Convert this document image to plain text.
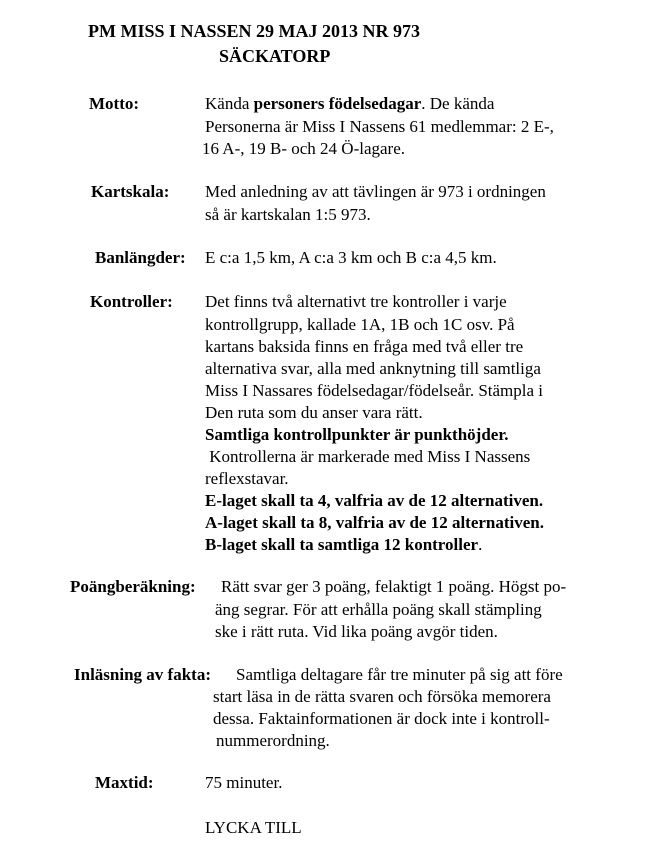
PM MISS I NASSEN 29 MAJ 2013 NR 973
SÄCKATORP
Motto:	Kända personers födelsedagar. De kända
Personerna är Miss I Nassens 61 medlemmar: 2 E-,
16 A-, 19 B- och 24 Ö-lagare.
Kartskala: Med anledning av att tävlingen är 973 i ordningen
så är kartskalan 1:5 973.
Banlängder: E c:a 1,5 km, A c:a 3 km och B c:a 4,5 km.
Kontroller: Det finns två alternativt tre kontroller i varje
kontrollgrupp, kallade 1A, 1B och 1C osv. På
kartans baksida finns en fråga med två eller tre
alternativa svar, alla med anknytning till samtliga
Miss I Nassares födelsedagar/födelseår. Stämpla i
Den ruta som du anser vara rätt.
Samtliga kontrollpunkter är punkthöjder.
Kontrollerna är markerade med Miss I Nassens
reflexstavar.
E-laget skall ta 4, valfria av de 12 alternativen.
A-laget skall ta 8, valfria av de 12 alternativen.
B-laget skall ta samtliga 12 kontroller.
Poängberäkning: Rätt svar ger 3 poäng, felaktigt 1 poäng. Högst po-
äng segrar. För att erhålla poäng skall stämpling
ske i rätt ruta. Vid lika poäng avgör tiden.
Inläsning av fakta: Samtliga deltagare får tre minuter på sig att före
start läsa in de rätta svaren och försöka memorera
dessa. Faktainformationen är dock inte i kontroll-
nummerordning.
Maxtid:	75 minuter.
LYCKA TILL
